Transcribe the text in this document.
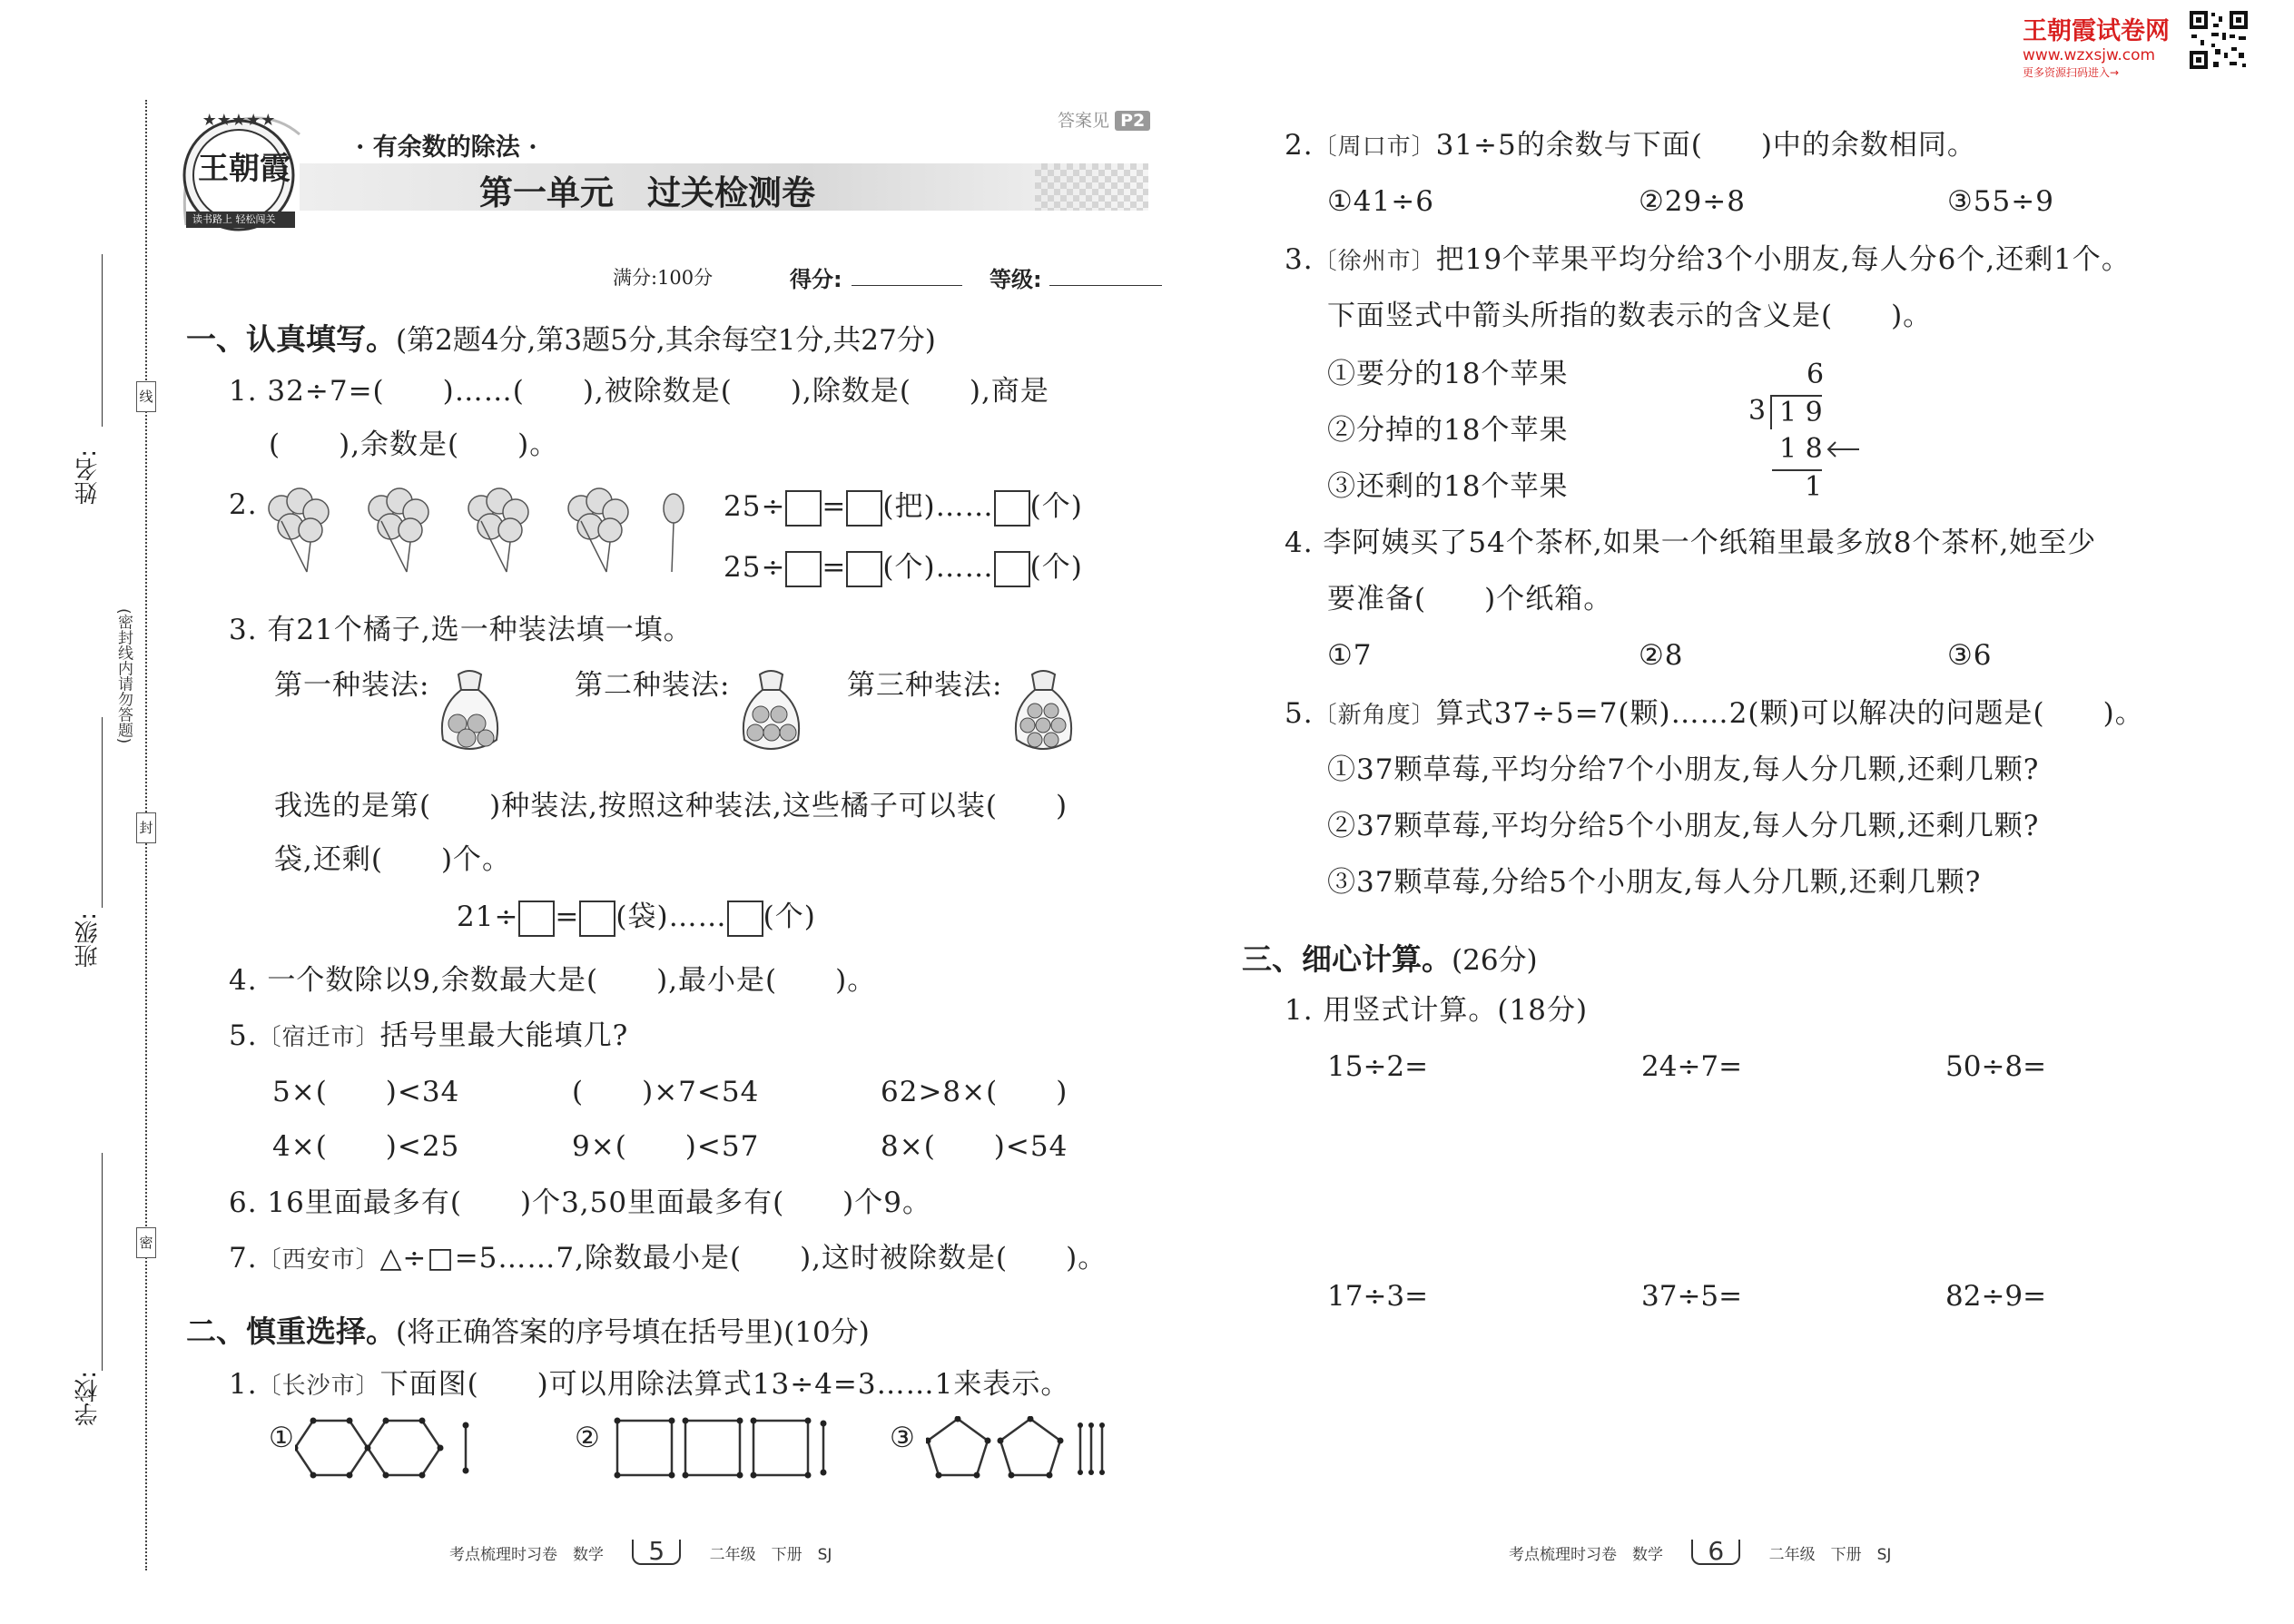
姓名:
班级:
学校:
线
封
密
(密封线内请勿答题)
王朝霞试卷网
www.wzxsjw.com
更多资源扫码进入→
★★★★★
王朝霞
读书路上 轻松闯关
答案见 P2
· 有余数的除法 ·
第一单元　过关检测卷
满分:100分	得分:	等级:
一、认真填写。(第2题4分,第3题5分,其余每空1分,共27分)
1. 32÷7=(　　)……(　　),被除数是(　　),除数是(　　),商是
(　　),余数是(　　)。
2.	25÷ = (把)…… (个)
25÷ = (个)…… (个)
3. 有21个橘子,选一种装法填一填。
第一种装法:	第二种装法:	第三种装法:
我选的是第(　　)种装法,按照这种装法,这些橘子可以装(　　)
袋,还剩(　　)个。
21÷ = (袋)…… (个)
4. 一个数除以9,余数最大是(　　),最小是(　　)。
5.〔宿迁市〕括号里最大能填几?
5×(　　)<34	(　　)×7<54	62>8×(　　)
4×(　　)<25	9×(　　)<57	8×(　　)<54
6. 16里面最多有(　　)个3,50里面最多有(　　)个9。
7.〔西安市〕△÷□=5……7,除数最小是(　　),这时被除数是(　　)。
二、慎重选择。(将正确答案的序号填在括号里)(10分)
1.〔长沙市〕下面图(　　)可以用除法算式13÷4=3……1来表示。
①	②	③
2.〔周口市〕31÷5的余数与下面(　　)中的余数相同。
①41÷6	②29÷8	③55÷9
3.〔徐州市〕把19个苹果平均分给3个小朋友,每人分6个,还剩1个。
下面竖式中箭头所指的数表示的含义是(　　)。
①要分的18个苹果
②分掉的18个苹果
③还剩的18个苹果
6
3 1 9
1 8
1
4. 李阿姨买了54个茶杯,如果一个纸箱里最多放8个茶杯,她至少
要准备(　　)个纸箱。
①7	②8	③6
5.〔新角度〕算式37÷5=7(颗)……2(颗)可以解决的问题是(　　)。
①37颗草莓,平均分给7个小朋友,每人分几颗,还剩几颗?
②37颗草莓,平均分给5个小朋友,每人分几颗,还剩几颗?
③37颗草莓,分给5个小朋友,每人分几颗,还剩几颗?
三、细心计算。(26分)
1. 用竖式计算。(18分)
15÷2=	24÷7=	50÷8=
17÷3=	37÷5=	82÷9=
考点梳理时习卷　数学 5	二年级　下册　SJ	考点梳理时习卷　数学 6	二年级　下册　SJ
